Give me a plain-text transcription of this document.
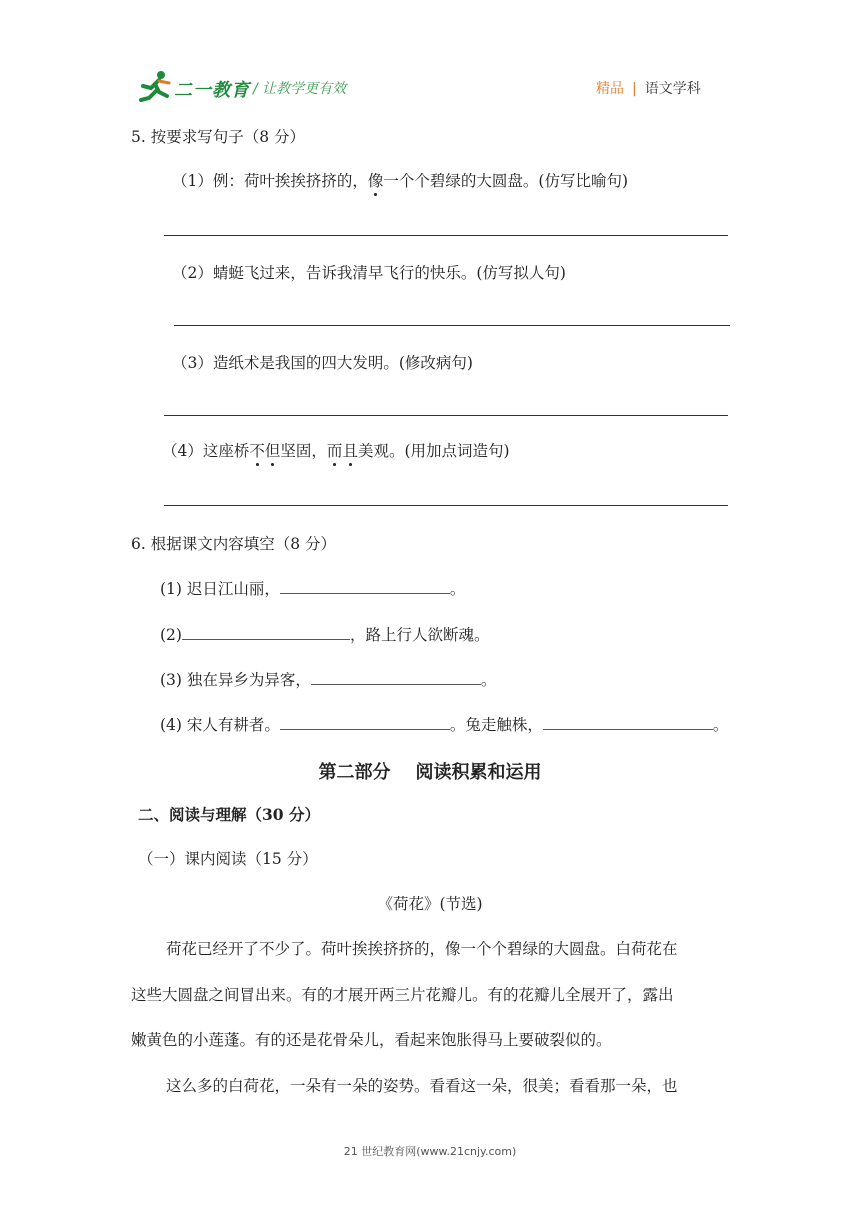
二一教育 / 让教学更有效	精品 | 语文学科
5. 按要求写句子（8 分）
（1）例：荷叶挨挨挤挤的，像一个个碧绿的大圆盘。(仿写比喻句)
（2）蜻蜓飞过来，告诉我清早飞行的快乐。(仿写拟人句)
（3）造纸术是我国的四大发明。(修改病句)
（4）这座桥不但坚固，而且美观。(用加点词造句)
6. 根据课文内容填空（8 分）
(1) 迟日江山丽，	。
(2)	，路上行人欲断魂。
(3) 独在异乡为异客，	。
(4) 宋人有耕者。	。兔走触株，	。
第二部分    阅读积累和运用
二、阅读与理解（30 分）
（一）课内阅读（15 分）
《荷花》(节选)
荷花已经开了不少了。荷叶挨挨挤挤的，像一个个碧绿的大圆盘。白荷花在
这些大圆盘之间冒出来。有的才展开两三片花瓣儿。有的花瓣儿全展开了，露出
嫩黄色的小莲蓬。有的还是花骨朵儿，看起来饱胀得马上要破裂似的。
这么多的白荷花，一朵有一朵的姿势。看看这一朵，很美；看看那一朵，也
21 世纪教育网(www.21cnjy.com)
